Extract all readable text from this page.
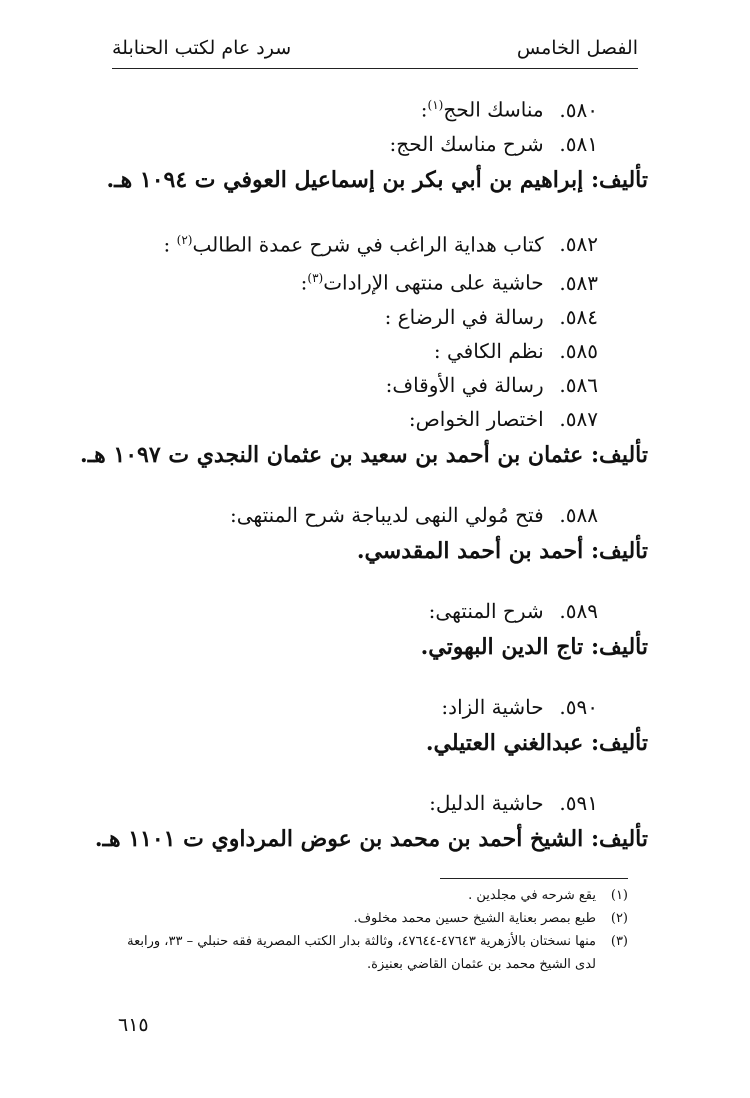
الفصل الخامس
سرد عام لكتب الحنابلة
٥٨٠. مناسك الحج$^{(١)}$:
٥٨١. شرح مناسك الحج:
تأليف: إبراهيم بن أبي بكر بن إسماعيل العوفي ت ١٠٩٤ هـ.
٥٨٢. كتاب هداية الراغب في شرح عمدة الطالب$^{(٢)}$ :
٥٨٣. حاشية على منتهى الإرادات$^{(٣)}$:
٥٨٤. رسالة في الرضاع :
٥٨٥. نظم الكافي :
٥٨٦. رسالة في الأوقاف:
٥٨٧. اختصار الخواص:
تأليف: عثمان بن أحمد بن سعيد بن عثمان النجدي ت ١٠٩٧ هـ.
٥٨٨. فتح مُولي النهى لديباجة شرح المنتهى:
تأليف: أحمد بن أحمد المقدسي.
٥٨٩. شرح المنتهى:
تأليف: تاج الدين البهوتي.
٥٩٠. حاشية الزاد:
تأليف: عبدالغني العتيلي.
٥٩١. حاشية الدليل:
تأليف: الشيخ أحمد بن محمد بن عوض المرداوي ت ١١٠١ هـ.
(١)
يقع شرحه في مجلدين .
(٢)
طبع بمصر بعناية الشيخ حسين محمد مخلوف.
(٣)
منها نسختان بالأزهرية ٤٧٦٤٣-٤٧٦٤٤، وثالثة بدار الكتب المصرية فقه حنبلي – ٣٣، ورابعة لدى الشيخ محمد بن عثمان القاضي بعنيزة.
٦١٥
